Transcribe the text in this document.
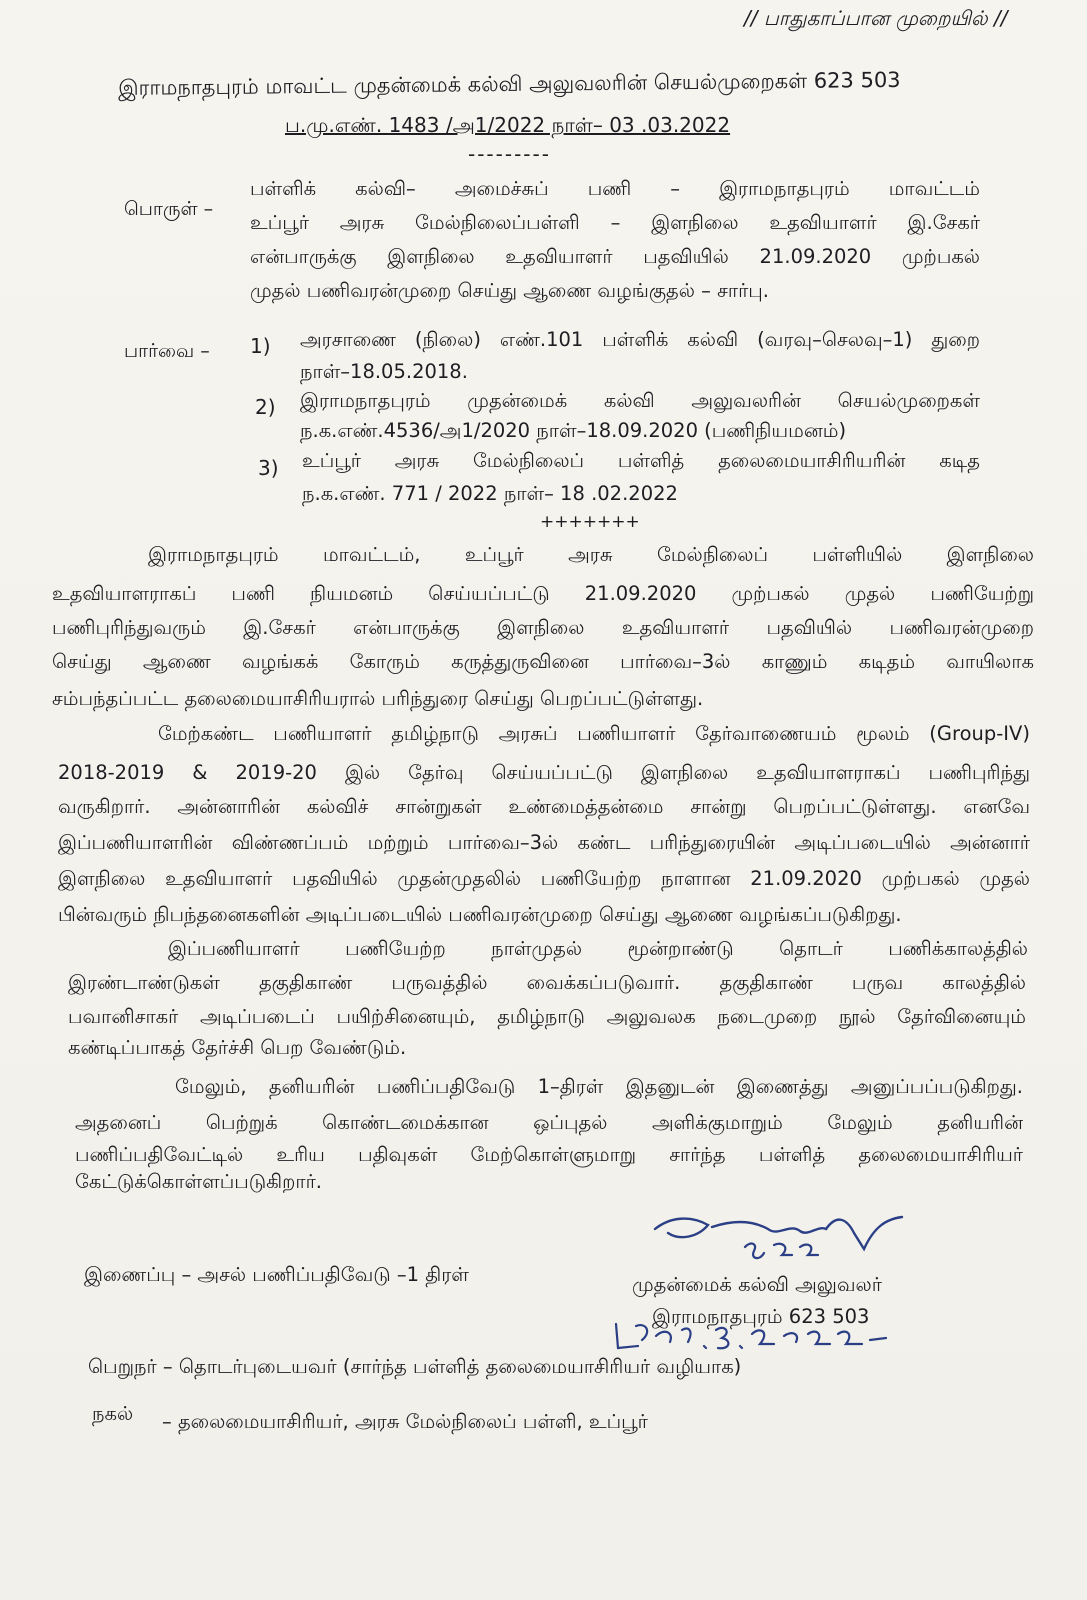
// பாதுகாப்பான முறையில் //
இராமநாதபுரம் மாவட்ட முதன்மைக் கல்வி அலுவலரின் செயல்முறைகள் 623 503
ப.மு.எண். 1483 /அ1/2022 நாள்– 03 .03.2022
---------
பொருள் –
பள்ளிக் கல்வி– அமைச்சுப் பணி – இராமநாதபுரம் மாவட்டம்
உப்பூர் அரசு மேல்நிலைப்பள்ளி – இளநிலை உதவியாளர் இ.சேகர்
என்பாருக்கு இளநிலை உதவியாளர் பதவியில் 21.09.2020 முற்பகல்
முதல் பணிவரன்முறை செய்து ஆணை வழங்குதல் – சார்பு.
பார்வை – 1) அரசாணை (நிலை) எண்.101 பள்ளிக் கல்வி (வரவு–செலவு–1) துறை
நாள்–18.05.2018.
2) இராமநாதபுரம் முதன்மைக் கல்வி அலுவலரின் செயல்முறைகள்
ந.க.எண்.4536/அ1/2020 நாள்–18.09.2020 (பணிநியமனம்)
3) உப்பூர் அரசு மேல்நிலைப் பள்ளித் தலைமையாசிரியரின் கடித
ந.க.எண். 771 / 2022 நாள்– 18 .02.2022
+++++++
இராமநாதபுரம் மாவட்டம், உப்பூர் அரசு மேல்நிலைப் பள்ளியில் இளநிலை
உதவியாளராகப் பணி நியமனம் செய்யப்பட்டு 21.09.2020 முற்பகல் முதல் பணியேற்று
பணிபுரிந்துவரும் இ.சேகர் என்பாருக்கு இளநிலை உதவியாளர் பதவியில் பணிவரன்முறை
செய்து ஆணை வழங்கக் கோரும் கருத்துருவினை பார்வை–3ல் காணும் கடிதம் வாயிலாக
சம்பந்தப்பட்ட தலைமையாசிரியரால் பரிந்துரை செய்து பெறப்பட்டுள்ளது.
மேற்கண்ட பணியாளர் தமிழ்நாடு அரசுப் பணியாளர் தேர்வாணையம் மூலம் (Group-IV)
2018-2019 & 2019-20 இல் தேர்வு செய்யப்பட்டு இளநிலை உதவியாளராகப் பணிபுரிந்து
வருகிறார். அன்னாரின் கல்விச் சான்றுகள் உண்மைத்தன்மை சான்று பெறப்பட்டுள்ளது. எனவே
இப்பணியாளரின் விண்ணப்பம் மற்றும் பார்வை–3ல் கண்ட பரிந்துரையின் அடிப்படையில் அன்னார்
இளநிலை உதவியாளர் பதவியில் முதன்முதலில் பணியேற்ற நாளான 21.09.2020 முற்பகல் முதல்
பின்வரும் நிபந்தனைகளின் அடிப்படையில் பணிவரன்முறை செய்து ஆணை வழங்கப்படுகிறது.
இப்பணியாளர் பணியேற்ற நாள்முதல் மூன்றாண்டு தொடர் பணிக்காலத்தில்
இரண்டாண்டுகள் தகுதிகாண் பருவத்தில் வைக்கப்படுவார். தகுதிகாண் பருவ காலத்தில்
பவானிசாகர் அடிப்படைப் பயிற்சினையும், தமிழ்நாடு அலுவலக நடைமுறை நூல் தேர்வினையும்
கண்டிப்பாகத் தேர்ச்சி பெற வேண்டும்.
மேலும், தனியரின் பணிப்பதிவேடு 1–திரள் இதனுடன் இணைத்து அனுப்பப்படுகிறது.
அதனைப் பெற்றுக் கொண்டமைக்கான ஒப்புதல் அளிக்குமாறும் மேலும் தனியரின்
பணிப்பதிவேட்டில் உரிய பதிவுகள் மேற்கொள்ளுமாறு சார்ந்த பள்ளித் தலைமையாசிரியர்
கேட்டுக்கொள்ளப்படுகிறார்.
இணைப்பு – அசல் பணிப்பதிவேடு –1 திரள்	முதன்மைக் கல்வி அலுவலர்
இராமநாதபுரம் 623 503
பெறுநர் – தொடர்புடையவர் (சார்ந்த பள்ளித் தலைமையாசிரியர் வழியாக)
நகல் – தலைமையாசிரியர், அரசு மேல்நிலைப் பள்ளி, உப்பூர்
